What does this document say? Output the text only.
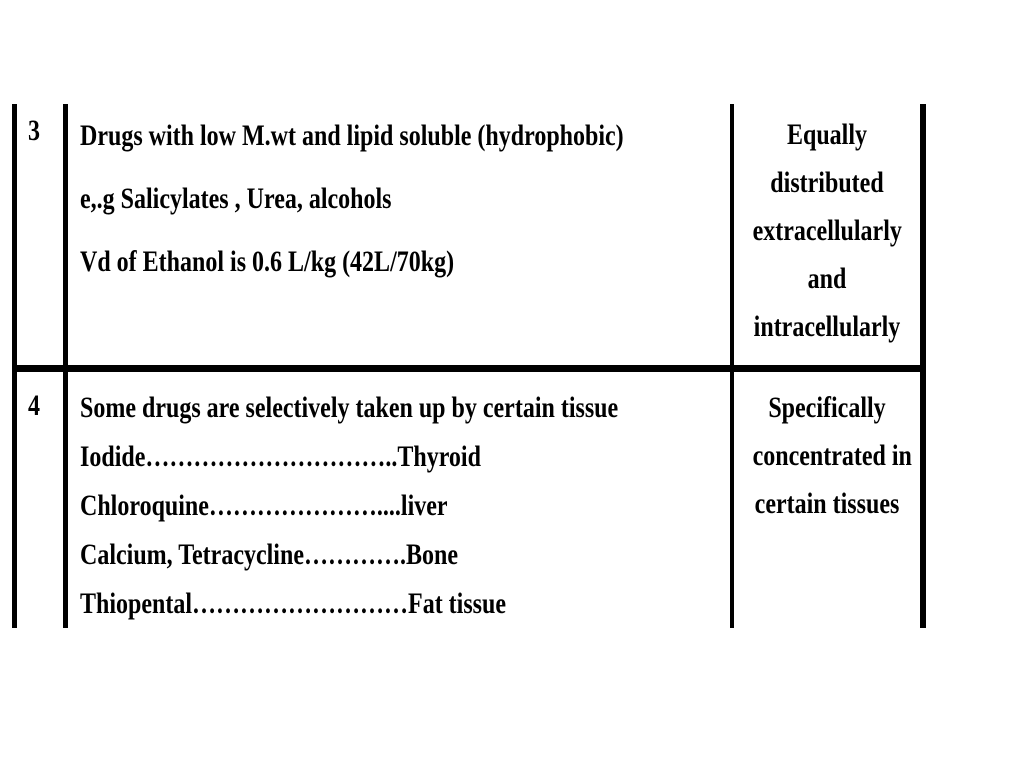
3 Drugs with low M.wt and lipid soluble (hydrophobic)
e,.g Salicylates , Urea, alcohols
Vd of Ethanol is 0.6 L/kg (42L/70kg)
Equally
distributed
extracellularly
and
intracellularly
4 Some drugs are selectively taken up by certain tissue
Iodide…………………………..Thyroid
Chloroquine…………………....liver
Calcium, Tetracycline………….Bone
Thiopental………………………Fat tissue
Specifically
concentrated in
certain tissues
